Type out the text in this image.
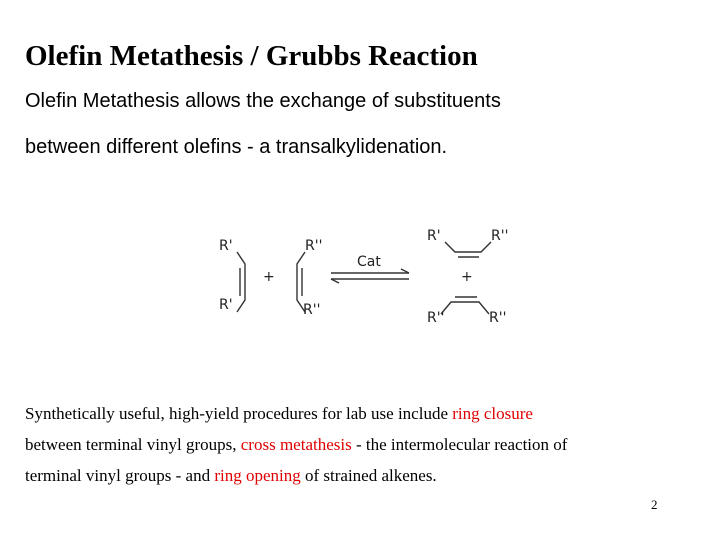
Olefin Metathesis / Grubbs Reaction
Olefin Metathesis allows the exchange of substituents
between different olefins - a transalkylidenation.
R'
R'
+
R''
R''
Cat
R'	R''
+
R''	R''
Synthetically useful, high-yield procedures for lab use include ring closure
between terminal vinyl groups, cross metathesis - the intermolecular reaction of
terminal vinyl groups - and ring opening of strained alkenes.
2
